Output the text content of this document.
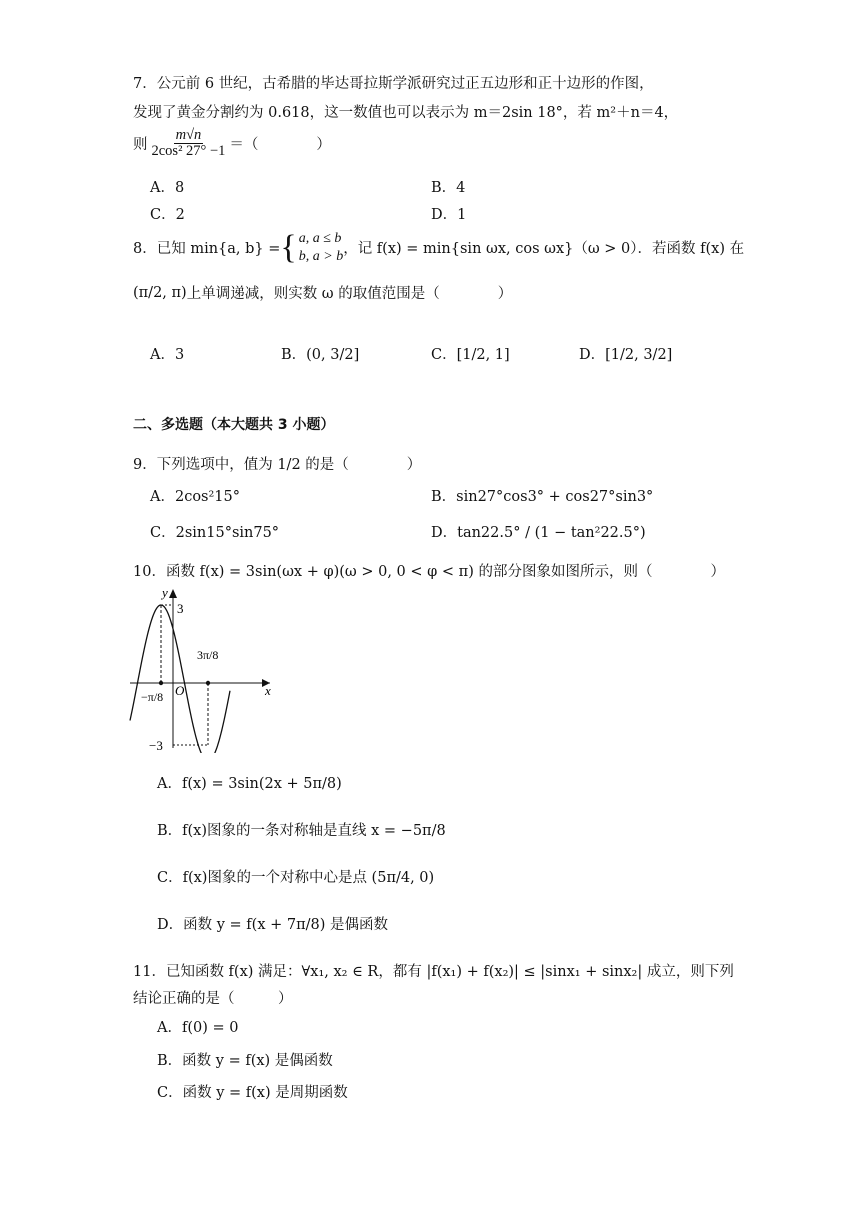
7．公元前 6 世纪，古希腊的毕达哥拉斯学派研究过正五边形和正十边形的作图，
发现了黄金分割约为 0.618，这一数值也可以表示为 m＝2sin 18°，若 m²＋n＝4，
则 $\frac{m√n}{\text{2cos² 27° −1}}$ ＝（　　　　）
A．8	B．4
C．2	D．1
8．已知 min{a, b} = { a, a ≤ b
b, a > b ，记 f(x) = min{sin ωx, cos ωx}（ω > 0）．若函数 f(x) 在
(π/2, π) 上单调递减，则实数 ω 的取值范围是（　　　　）
A．3	B．(0, 3/2]	C．[1/2, 1]	D．[1/2, 3/2]
二、多选题（本大题共 3 小题）
9．下列选项中，值为 1/2 的是（　　　　）
A．2cos²15°	B．sin27°cos3° + cos27°sin3°
C．2sin15°sin75°	D．tan22.5° / (1 − tan²22.5°)
10．函数 f(x) = 3sin(ωx + φ)(ω > 0, 0 < φ < π) 的部分图象如图所示，则（　　　　）
y
x
O
3
−3
−π/8
3π/8
A．f(x) = 3sin(2x + 5π/8)
B．f(x)图象的一条对称轴是直线 x = −5π/8
C．f(x)图象的一个对称中心是点 (5π/4, 0)
D．函数 y = f(x + 7π/8) 是偶函数
11．已知函数 f(x) 满足：∀x₁, x₂ ∈ R，都有 |f(x₁) + f(x₂)| ≤ |sinx₁ + sinx₂| 成立，则下列
结论正确的是（　　　）
A．f(0) = 0
B．函数 y = f(x) 是偶函数
C．函数 y = f(x) 是周期函数
